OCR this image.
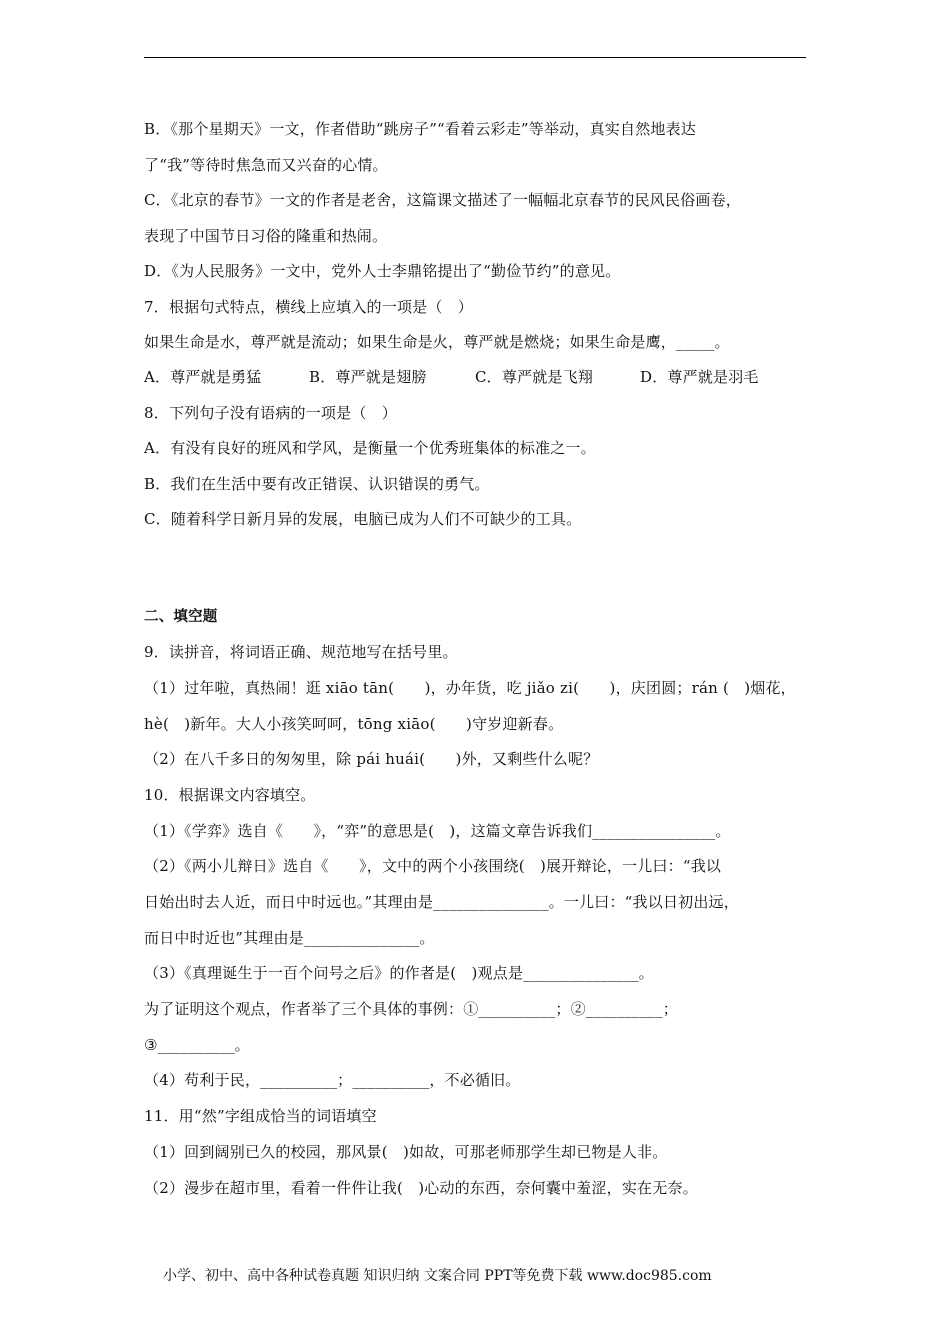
B．《那个星期天》一文，作者借助“跳房子”“看着云彩走”等举动，真实自然地表达
了“我”等待时焦急而又兴奋的心情。
C．《北京的春节》一文的作者是老舍，这篇课文描述了一幅幅北京春节的民风民俗画卷，
表现了中国节日习俗的隆重和热闹。
D．《为人民服务》一文中，党外人士李鼎铭提出了“勤俭节约”的意见。
7．根据句式特点，横线上应填入的一项是（　）
如果生命是水，尊严就是流动；如果生命是火，尊严就是燃烧；如果生命是鹰，_____。
A．尊严就是勇猛	B．尊严就是翅膀	C．尊严就是飞翔	D．尊严就是羽毛
8．下列句子没有语病的一项是（　）
A．有没有良好的班风和学风，是衡量一个优秀班集体的标准之一。
B．我们在生活中要有改正错误、认识错误的勇气。
C．随着科学日新月异的发展，电脑已成为人们不可缺少的工具。
二、填空题
9．读拼音，将词语正确、规范地写在括号里。
（1）过年啦，真热闹！逛 xiāo tān(　　)，办年货，吃 jiǎo zi(　　)，庆团圆；rán (　)烟花，
hè(　)新年。大人小孩笑呵呵，tōng xiāo(　　)守岁迎新春。
（2）在八千多日的匆匆里，除 pái huái(　　)外，又剩些什么呢？
10．根据课文内容填空。
（1）《学弈》选自《　　》，“弈”的意思是(　)，这篇文章告诉我们________________。
（2）《两小儿辩日》选自《　　》，文中的两个小孩围绕(　)展开辩论，一儿曰：“我以
日始出时去人近，而日中时远也。”其理由是_______________。一儿曰：“我以日初出远，
而日中时近也”其理由是_______________。
（3）《真理诞生于一百个问号之后》的作者是(　)观点是_______________。
为了证明这个观点，作者举了三个具体的事例：①__________；②__________；
③__________。
（4）苟利于民，__________；__________，不必循旧。
11．用“然”字组成恰当的词语填空
（1）回到阔别已久的校园，那风景(　)如故，可那老师那学生却已物是人非。
（2）漫步在超市里，看着一件件让我(　)心动的东西，奈何囊中羞涩，实在无奈。
小学、初中、高中各种试卷真题 知识归纳 文案合同 PPT等免费下载 www.doc985.com
